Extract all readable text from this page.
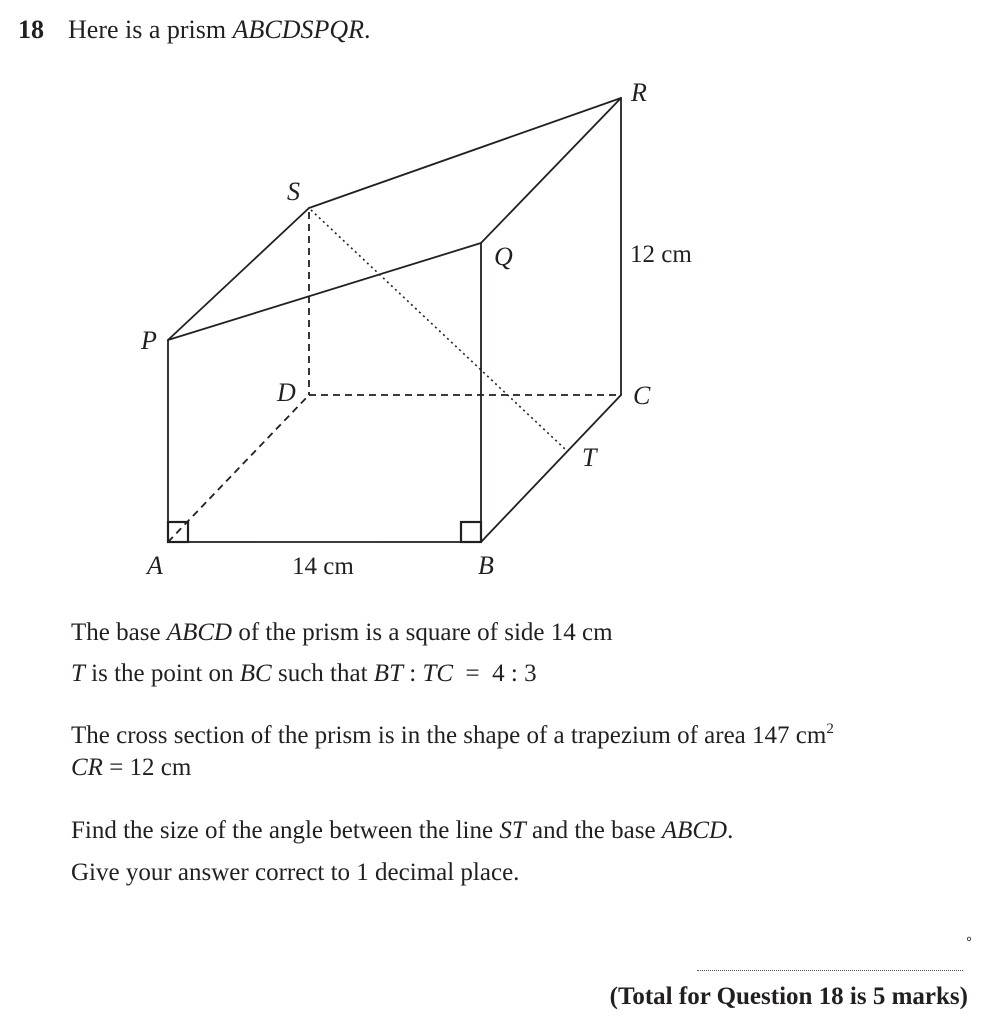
18 Here is a prism ABCDSPQR.
A	B
C
D
P
Q
R
S
T
14 cm
12 cm
The base ABCD of the prism is a square of side 14 cm
T is the point on BC such that BT : TC  =  4 : 3
The cross section of the prism is in the shape of a trapezium of area 147 $cm^2$
CR = 12 cm
Find the size of the angle between the line ST and the base ABCD.
Give your answer correct to 1 decimal place.
°
(Total for Question 18 is 5 marks)
